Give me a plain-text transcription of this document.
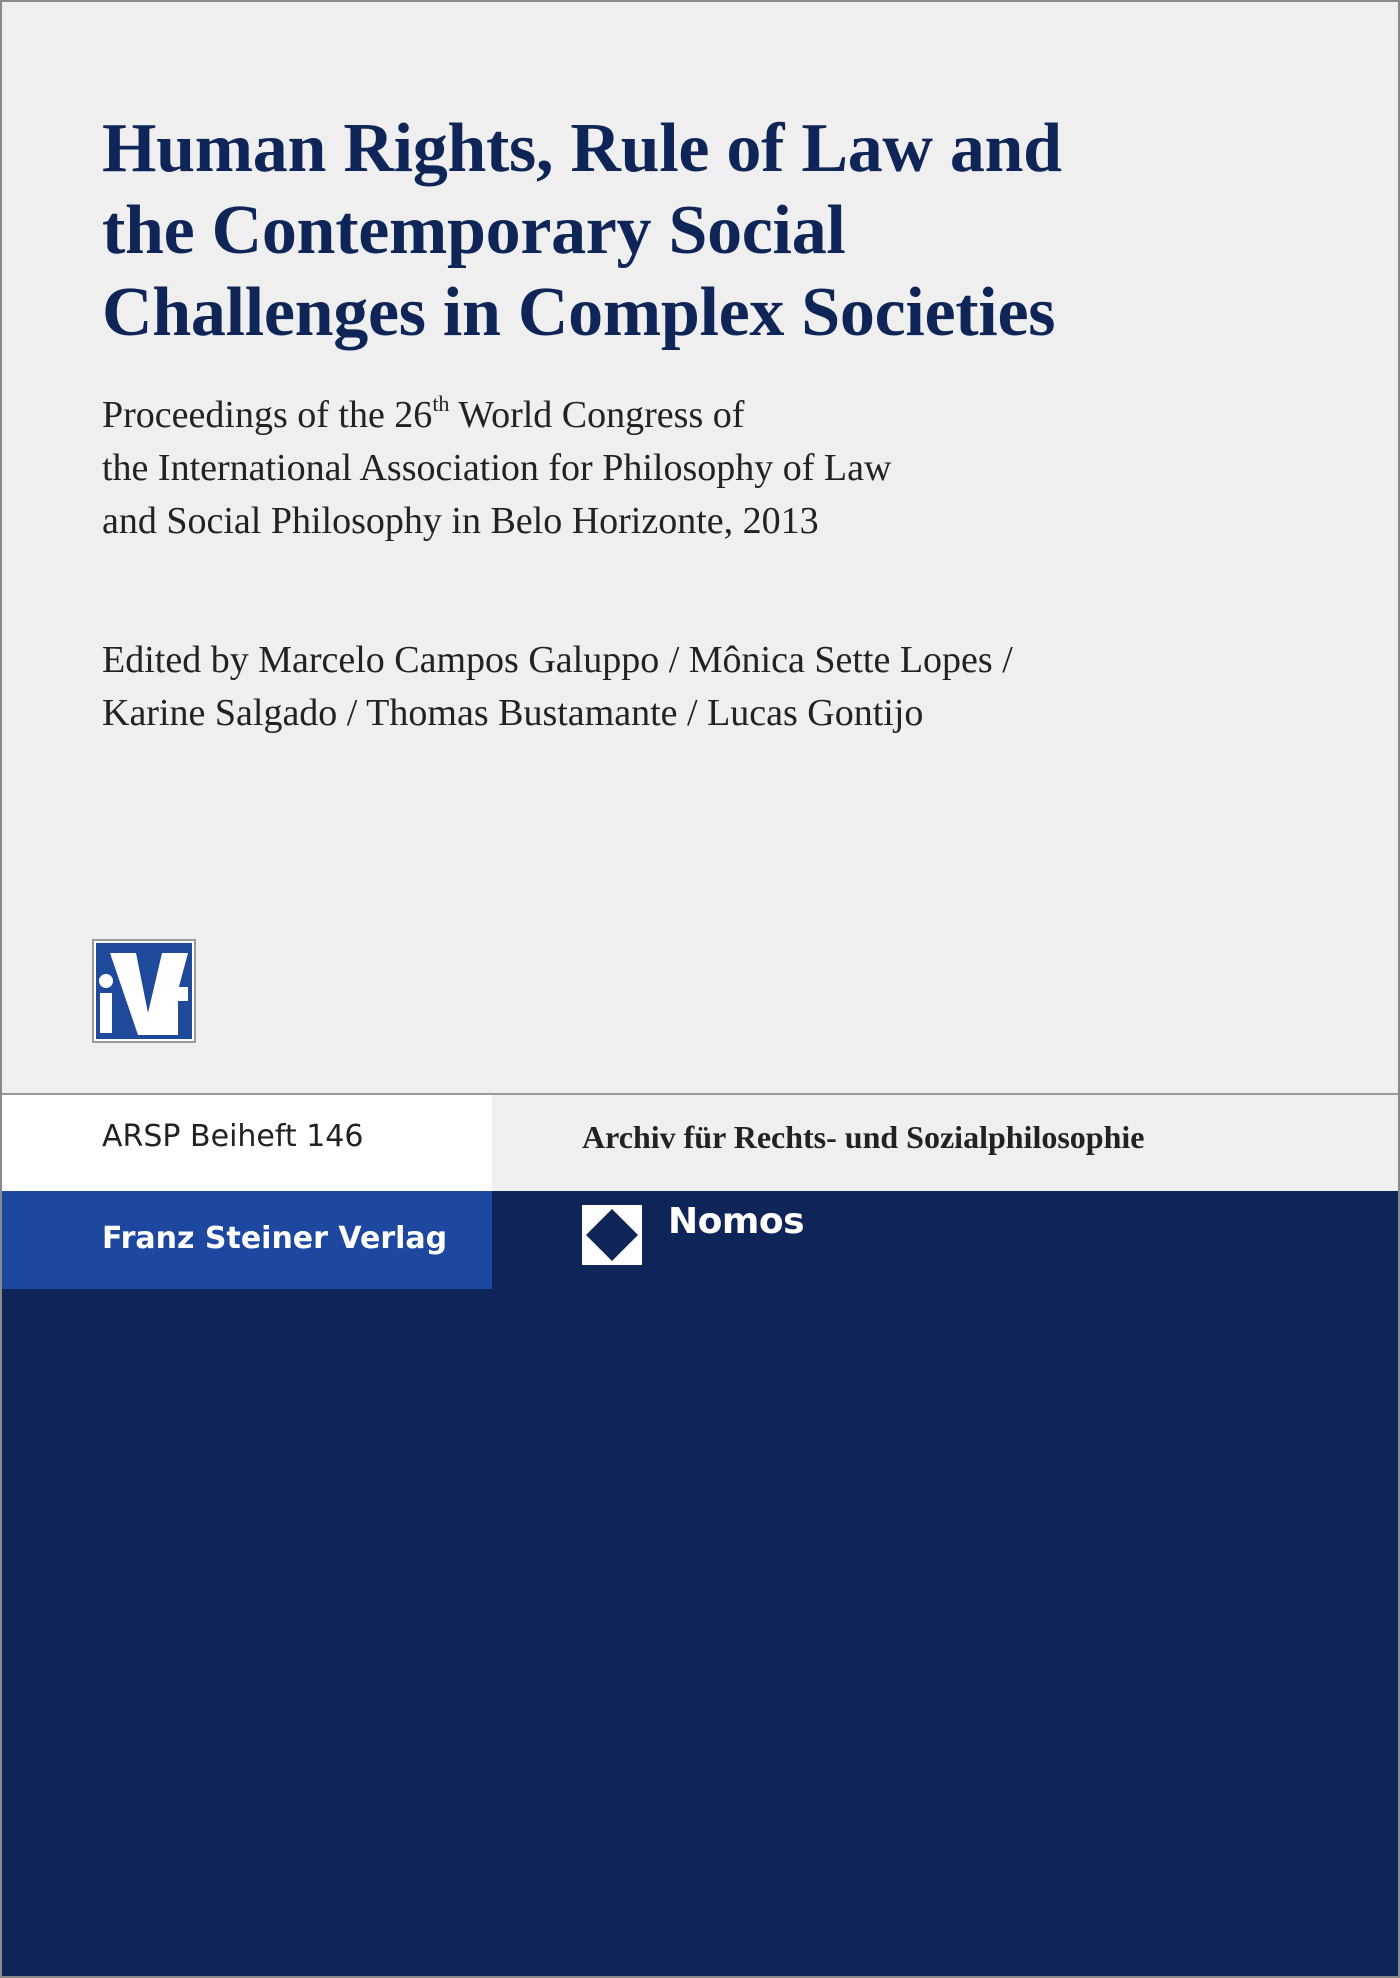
Human Rights, Rule of Law and
the Contemporary Social
Challenges in Complex Societies

Proceedings of the 26th World Congress of
the International Association for Philosophy of Law
and Social Philosophy in Belo Horizonte, 2013

Edited by Marcelo Campos Galuppo / Mônica Sette Lopes /
Karine Salgado / Thomas Bustamante / Lucas Gontijo

ARSP Beiheft 146	Archiv für Rechts- und Sozialphilosophie

Franz Steiner Verlag	Nomos
